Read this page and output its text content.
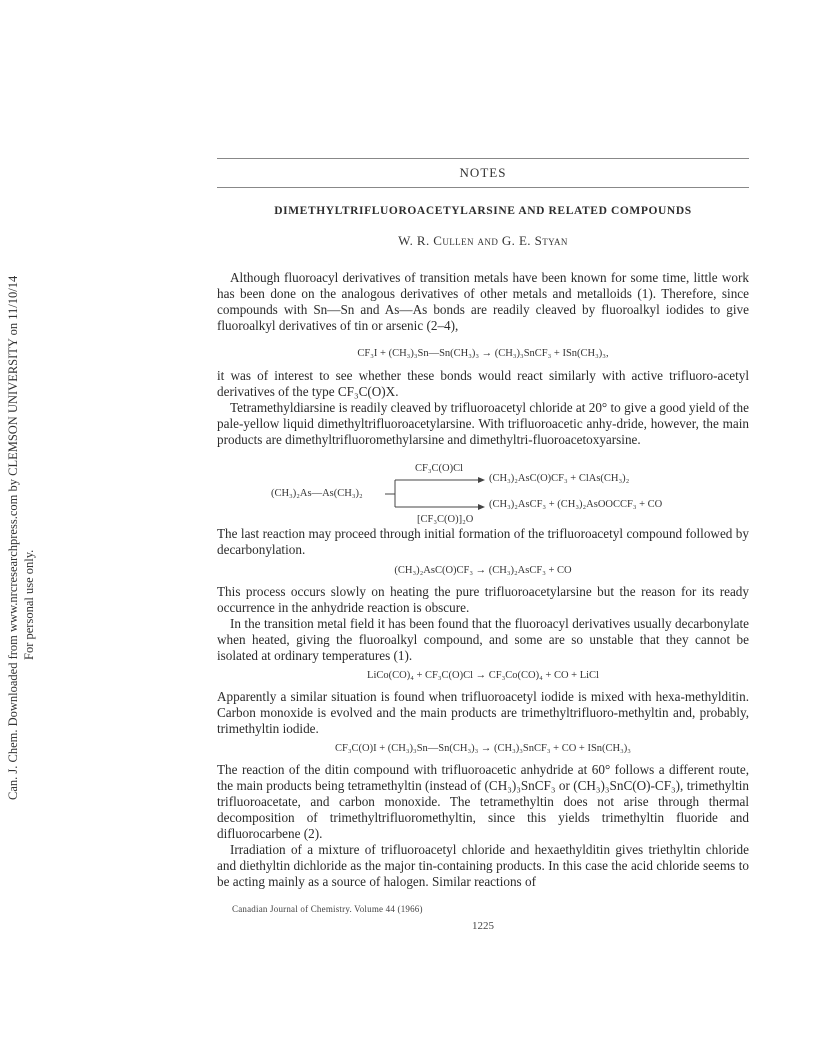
Can. J. Chem. Downloaded from www.nrcresearchpress.com by CLEMSON UNIVERSITY on 11/10/14 For personal use only.
NOTES
DIMETHYLTRIFLUOROACETYLARSINE AND RELATED COMPOUNDS
W. R. Cullen and G. E. Styan

Although fluoroacyl derivatives of transition metals have been known for some time, little work has been done on the analogous derivatives of other metals and metalloids (1). Therefore, since compounds with Sn—Sn and As—As bonds are readily cleaved by fluoroalkyl iodides to give fluoroalkyl derivatives of tin or arsenic (2–4),

CF₃I + (CH₃)₃Sn—Sn(CH₃)₃ → (CH₃)₃SnCF₃ + ISn(CH₃)₃,

it was of interest to see whether these bonds would react similarly with active trifluoro-acetyl derivatives of the type CF₃C(O)X.

Tetramethyldiarsine is readily cleaved by trifluoroacetyl chloride at 20° to give a good yield of the pale-yellow liquid dimethyltrifluoroacetylarsine. With trifluoroacetic anhy-dride, however, the main products are dimethyltrifluoromethylarsine and dimethyltri-fluoroacetoxyarsine.

(CH₃)₂As—As(CH₃)₂
CF₃C(O)Cl
(CH₃)₂AsC(O)CF₃ + ClAs(CH₃)₂
(CH₃)₂AsCF₃ + (CH₃)₂AsOOCCF₃ + CO
[CF₃C(O)]₂O

The last reaction may proceed through initial formation of the trifluoroacetyl compound followed by decarbonylation.

(CH₃)₂AsC(O)CF₃ → (CH₃)₂AsCF₃ + CO

This process occurs slowly on heating the pure trifluoroacetylarsine but the reason for its ready occurrence in the anhydride reaction is obscure.

In the transition metal field it has been found that the fluoroacyl derivatives usually decarbonylate when heated, giving the fluoroalkyl compound, and some are so unstable that they cannot be isolated at ordinary temperatures (1).

LiCo(CO)₄ + CF₃C(O)Cl → CF₃Co(CO)₄ + CO + LiCl

Apparently a similar situation is found when trifluoroacetyl iodide is mixed with hexa-methylditin. Carbon monoxide is evolved and the main products are trimethyltrifluoro-methyltin and, probably, trimethyltin iodide.

CF₃C(O)I + (CH₃)₃Sn—Sn(CH₃)₃ → (CH₃)₃SnCF₃ + CO + ISn(CH₃)₃

The reaction of the ditin compound with trifluoroacetic anhydride at 60° follows a different route, the main products being tetramethyltin (instead of (CH₃)₃SnCF₃ or (CH₃)₃SnC(O)-CF₃), trimethyltin trifluoroacetate, and carbon monoxide. The tetramethyltin does not arise through thermal decomposition of trimethyltrifluoromethyltin, since this yields trimethyltin fluoride and difluorocarbene (2).

Irradiation of a mixture of trifluoroacetyl chloride and hexaethylditin gives triethyltin chloride and diethyltin dichloride as the major tin-containing products. In this case the acid chloride seems to be acting mainly as a source of halogen. Similar reactions of

Canadian Journal of Chemistry. Volume 44 (1966)
1225
